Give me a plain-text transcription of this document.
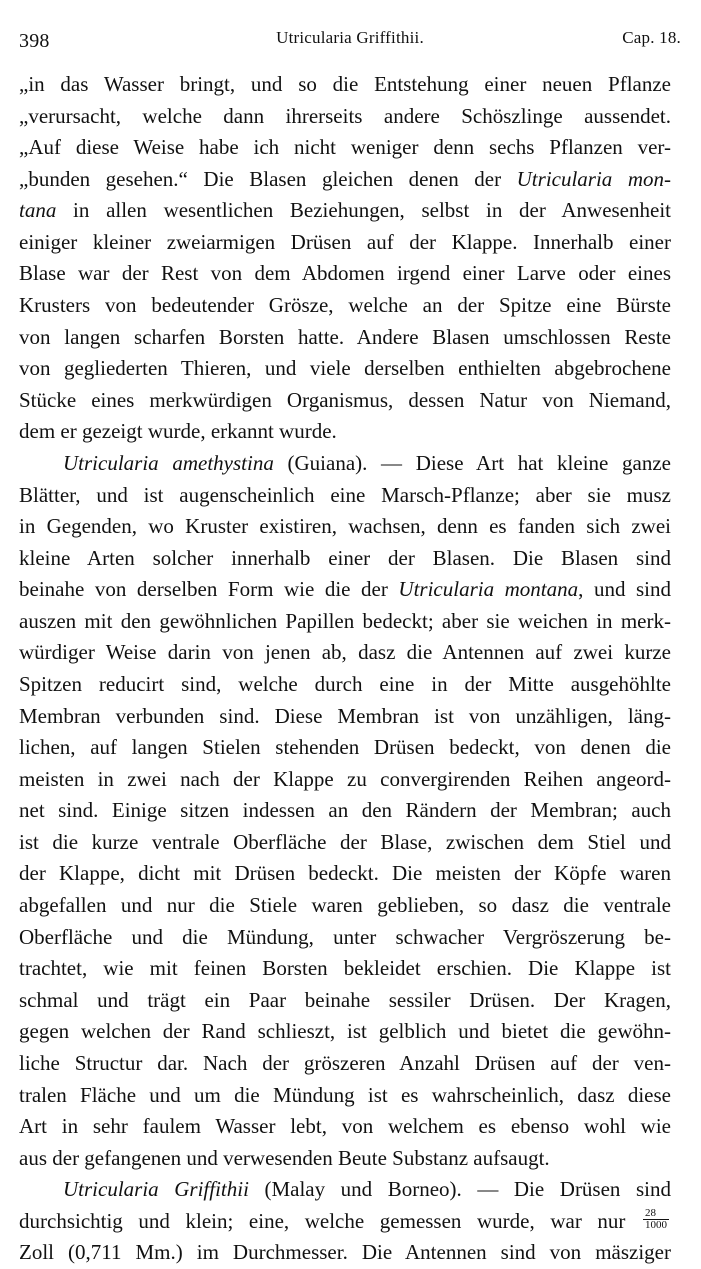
398	Utricularia Griffithii.	Cap. 18.
„in das Wasser bringt, und so die Entstehung einer neuen Pflanze
„verursacht, welche dann ihrerseits andere Schöszlinge aussendet.
„Auf diese Weise habe ich nicht weniger denn sechs Pflanzen ver-
„bunden gesehen.“ Die Blasen gleichen denen der Utricularia mon-
tana in allen wesentlichen Beziehungen, selbst in der Anwesenheit
einiger kleiner zweiarmigen Drüsen auf der Klappe. Innerhalb einer
Blase war der Rest von dem Abdomen irgend einer Larve oder eines
Krusters von bedeutender Grösze, welche an der Spitze eine Bürste
von langen scharfen Borsten hatte. Andere Blasen umschlossen Reste
von gegliederten Thieren, und viele derselben enthielten abgebrochene
Stücke eines merkwürdigen Organismus, dessen Natur von Niemand,
dem er gezeigt wurde, erkannt wurde.
Utricularia amethystina (Guiana). — Diese Art hat kleine ganze
Blätter, und ist augenscheinlich eine Marsch-Pflanze; aber sie musz
in Gegenden, wo Kruster existiren, wachsen, denn es fanden sich zwei
kleine Arten solcher innerhalb einer der Blasen. Die Blasen sind
beinahe von derselben Form wie die der Utricularia montana, und sind
auszen mit den gewöhnlichen Papillen bedeckt; aber sie weichen in merk-
würdiger Weise darin von jenen ab, dasz die Antennen auf zwei kurze
Spitzen reducirt sind, welche durch eine in der Mitte ausgehöhlte
Membran verbunden sind. Diese Membran ist von unzähligen, läng-
lichen, auf langen Stielen stehenden Drüsen bedeckt, von denen die
meisten in zwei nach der Klappe zu convergirenden Reihen angeord-
net sind. Einige sitzen indessen an den Rändern der Membran; auch
ist die kurze ventrale Oberfläche der Blase, zwischen dem Stiel und
der Klappe, dicht mit Drüsen bedeckt. Die meisten der Köpfe waren
abgefallen und nur die Stiele waren geblieben, so dasz die ventrale
Oberfläche und die Mündung, unter schwacher Vergröszerung be-
trachtet, wie mit feinen Borsten bekleidet erschien. Die Klappe ist
schmal und trägt ein Paar beinahe sessiler Drüsen. Der Kragen,
gegen welchen der Rand schlieszt, ist gelblich und bietet die gewöhn-
liche Structur dar. Nach der gröszeren Anzahl Drüsen auf der ven-
tralen Fläche und um die Mündung ist es wahrscheinlich, dasz diese
Art in sehr faulem Wasser lebt, von welchem es ebenso wohl wie
aus der gefangenen und verwesenden Beute Substanz aufsaugt.
Utricularia Griffithii (Malay und Borneo). — Die Drüsen sind
durchsichtig und klein; eine, welche gemessen wurde, war nur $\frac{28}{1000}$
Zoll (0,711 Mm.) im Durchmesser. Die Antennen sind von mäsziger
